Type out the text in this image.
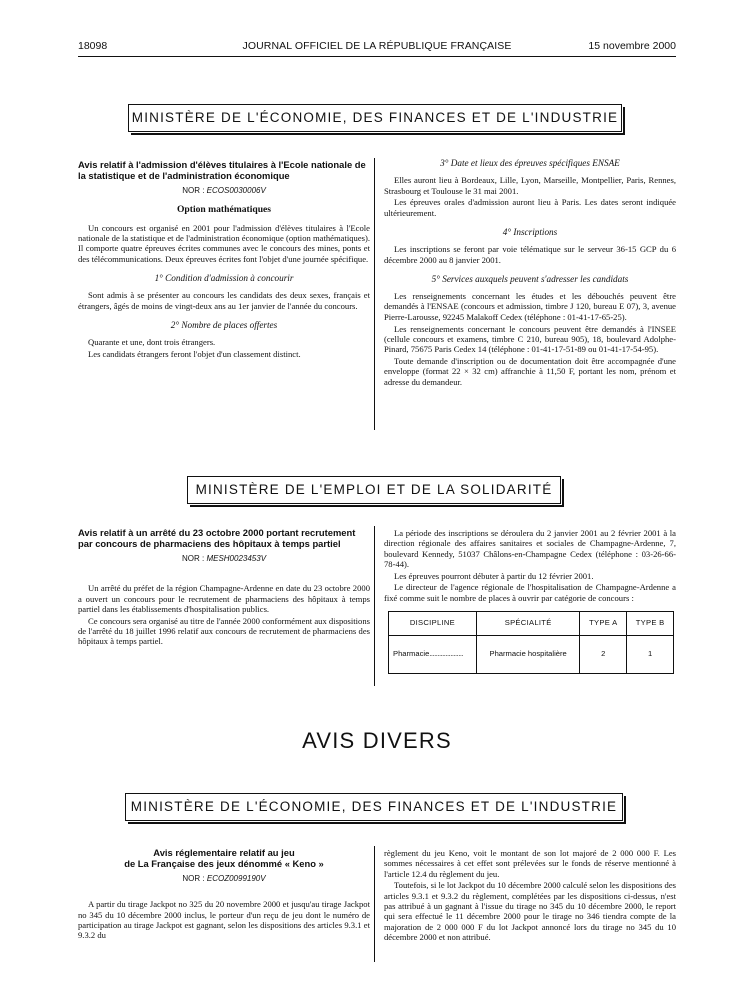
18098	JOURNAL OFFICIEL DE LA RÉPUBLIQUE FRANÇAISE	15 novembre 2000
MINISTÈRE DE L'ÉCONOMIE, DES FINANCES ET DE L'INDUSTRIE
Avis relatif à l'admission d'élèves titulaires à l'Ecole nationale de la statistique et de l'administration économique
NOR : ECOS0030006V
Option mathématiques

Un concours est organisé en 2001 pour l'admission d'élèves titulaires à l'Ecole nationale de la statistique et de l'administration économique (option mathématiques). Il comporte quatre épreuves écrites communes avec le concours des mines, ponts et des télécommunications. Deux épreuves écrites font l'objet d'une journée spécifique.

1° Condition d'admission à concourir

Sont admis à se présenter au concours les candidats des deux sexes, français et étrangers, âgés de moins de vingt-deux ans au 1er janvier de l'année du concours.

2° Nombre de places offertes

Quarante et une, dont trois étrangers.

Les candidats étrangers feront l'objet d'un classement distinct.

3° Date et lieux des épreuves spécifiques ENSAE

Elles auront lieu à Bordeaux, Lille, Lyon, Marseille, Montpellier, Paris, Rennes, Strasbourg et Toulouse le 31 mai 2001.

Les épreuves orales d'admission auront lieu à Paris. Les dates seront indiquée ultérieurement.

4° Inscriptions

Les inscriptions se feront par voie télématique sur le serveur 36-15 GCP du 6 décembre 2000 au 8 janvier 2001.

5° Services auxquels peuvent s'adresser les candidats

Les renseignements concernant les études et les débouchés peuvent être demandés à l'ENSAE (concours et admission, timbre J 120, bureau E 07), 3, avenue Pierre-Larousse, 92245 Malakoff Cedex (téléphone : 01-41-17-65-25).

Les renseignements concernant le concours peuvent être demandés à l'INSEE (cellule concours et examens, timbre C 210, bureau 905), 18, boulevard Adolphe-Pinard, 75675 Paris Cedex 14 (téléphone : 01-41-17-51-89 ou 01-41-17-54-95).

Toute demande d'inscription ou de documentation doit être accompagnée d'une enveloppe (format 22 × 32 cm) affranchie à 11,50 F, portant les nom, prénom et adresse du demandeur.

MINISTÈRE DE L'EMPLOI ET DE LA SOLIDARITÉ
Avis relatif à un arrêté du 23 octobre 2000 portant recrutement par concours de pharmaciens des hôpitaux à temps partiel
NOR : MESH0023453V

Un arrêté du préfet de la région Champagne-Ardenne en date du 23 octobre 2000 a ouvert un concours pour le recrutement de pharmaciens des hôpitaux à temps partiel dans les établissements d'hospitalisation publics.

Ce concours sera organisé au titre de l'année 2000 conformément aux dispositions de l'arrêté du 18 juillet 1996 relatif aux concours de recrutement de pharmaciens des hôpitaux à temps partiel.

La période des inscriptions se déroulera du 2 janvier 2001 au 2 février 2001 à la direction régionale des affaires sanitaires et sociales de Champagne-Ardenne, 7, boulevard Kennedy, 51037 Châlons-en-Champagne Cedex (téléphone : 03-26-66-78-44).

Les épreuves pourront débuter à partir du 12 février 2001.

Le directeur de l'agence régionale de l'hospitalisation de Champagne-Ardenne a fixé comme suit le nombre de places à ouvrir par catégorie de concours :

DISCIPLINE	SPÉCIALITÉ	TYPE A	TYPE B
Pharmacie.....................	Pharmacie hospitalière	2	1
AVIS DIVERS
MINISTÈRE DE L'ÉCONOMIE, DES FINANCES ET DE L'INDUSTRIE
Avis réglementaire relatif au jeu
de La Française des jeux dénommé « Keno »
NOR : ECOZ0099190V

A partir du tirage Jackpot no 325 du 20 novembre 2000 et jusqu'au tirage Jackpot no 345 du 10 décembre 2000 inclus, le porteur d'un reçu de jeu dont le numéro de participation au tirage Jackpot est gagnant, selon les dispositions des articles 9.3.1 et 9.3.2 du

règlement du jeu Keno, voit le montant de son lot majoré de 2 000 000 F. Les sommes nécessaires à cet effet sont prélevées sur le fonds de réserve mentionné à l'article 12.4 du règlement du jeu.

Toutefois, si le lot Jackpot du 10 décembre 2000 calculé selon les dispositions des articles 9.3.1 et 9.3.2 du règlement, complétées par les dispositions ci-dessus, n'est pas attribué à un gagnant à l'issue du tirage no 345 du 10 décembre 2000, le report qui sera effectué le 11 décembre 2000 pour le tirage no 346 tiendra compte de la majoration de 2 000 000 F du lot Jackpot annoncé lors du tirage no 345 du 10 décembre 2000 et non attribué.
